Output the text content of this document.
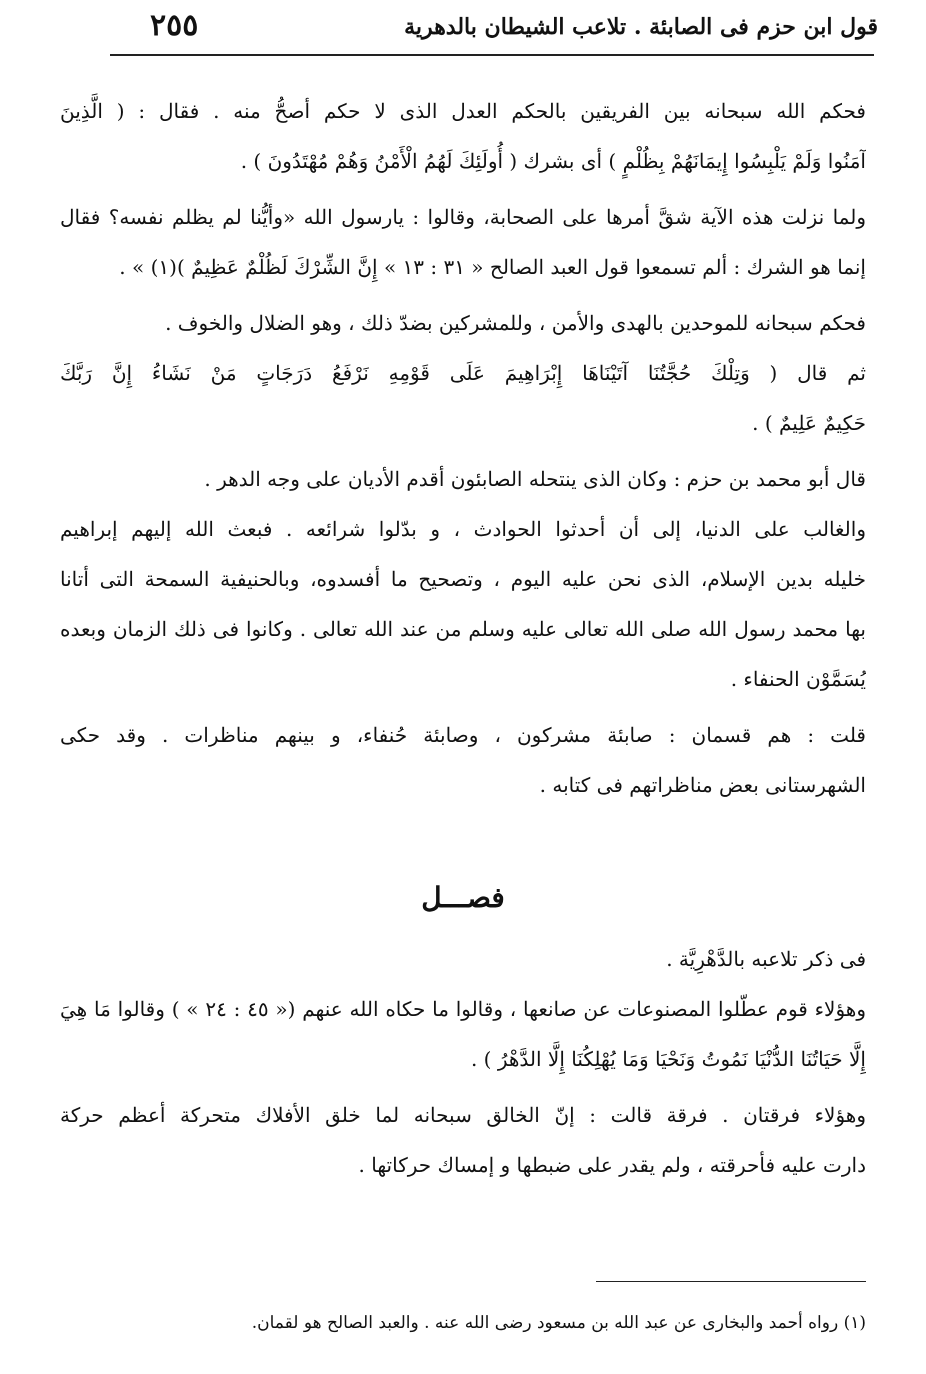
قول ابن حزم فى الصابئة . تلاعب الشيطان بالدهرية
٢٥٥
فحكم الله سبحانه بين الفريقين بالحكم العدل الذى لا حكم أصحُّ منه . فقال : ( الَّذِينَ
آمَنُوا وَلَمْ يَلْبِسُوا إِيمَانَهُمْ بِظُلْمٍ ) أى بشرك ( أُولَئِكَ لَهُمُ الْأَمْنُ وَهُمْ مُهْتَدُونَ ) .
ولما نزلت هذه الآية شقَّ أمرها على الصحابة، وقالوا : يارسول الله «وأيُّنا لم يظلم نفسه؟ فقال
إنما هو الشرك : ألم تسمعوا قول العبد الصالح « ٣١ : ١٣ » إِنَّ الشِّرْكَ لَظُلْمٌ عَظِيمٌ )(١) » .
فحكم سبحانه للموحدين بالهدى والأمن ، وللمشركين بضدّ ذلك ، وهو الضلال والخوف .
ثم قال ( وَتِلْكَ حُجَّتُنَا آتَيْنَاهَا إِبْرَاهِيمَ عَلَى قَوْمِهِ نَرْفَعُ دَرَجَاتٍ مَنْ نَشَاءُ إِنَّ رَبَّكَ
حَكِيمٌ عَلِيمٌ ) .
قال أبو محمد بن حزم : وكان الذى ينتحله الصابئون أقدم الأديان على وجه الدهر .
والغالب على الدنيا، إلى أن أحدثوا الحوادث ، و بدّلوا شرائعه . فبعث الله إليهم إبراهيم
خليله بدين الإسلام، الذى نحن عليه اليوم ، وتصحيح ما أفسدوه، وبالحنيفية السمحة التى أتانا
بها محمد رسول الله صلى الله تعالى عليه وسلم من عند الله تعالى . وكانوا فى ذلك الزمان وبعده
يُسَمَّوْن الحنفاء .
قلت : هم قسمان : صابئة مشركون ، وصابئة حُنفاء، و بينهم مناظرات . وقد حكى
الشهرستانى بعض مناظراتهم فى كتابه .
فصـــل
فى ذكر تلاعبه بالدَّهْرِيَّة .
وهؤلاء قوم عطّلوا المصنوعات عن صانعها ، وقالوا ما حكاه الله عنهم (« ٤٥ : ٢٤ » ) وقالوا مَا هِيَ
إِلَّا حَيَاتُنَا الدُّنْيَا نَمُوتُ وَنَحْيَا وَمَا يُهْلِكُنَا إِلَّا الدَّهْرُ ) .
وهؤلاء فرقتان . فرقة قالت : إنّ الخالق سبحانه لما خلق الأفلاك متحركة أعظم حركة
دارت عليه فأحرقته ، ولم يقدر على ضبطها و إمساك حركاتها .
(١) رواه أحمد والبخارى عن عبد الله بن مسعود رضى الله عنه . والعبد الصالح هو لقمان.
